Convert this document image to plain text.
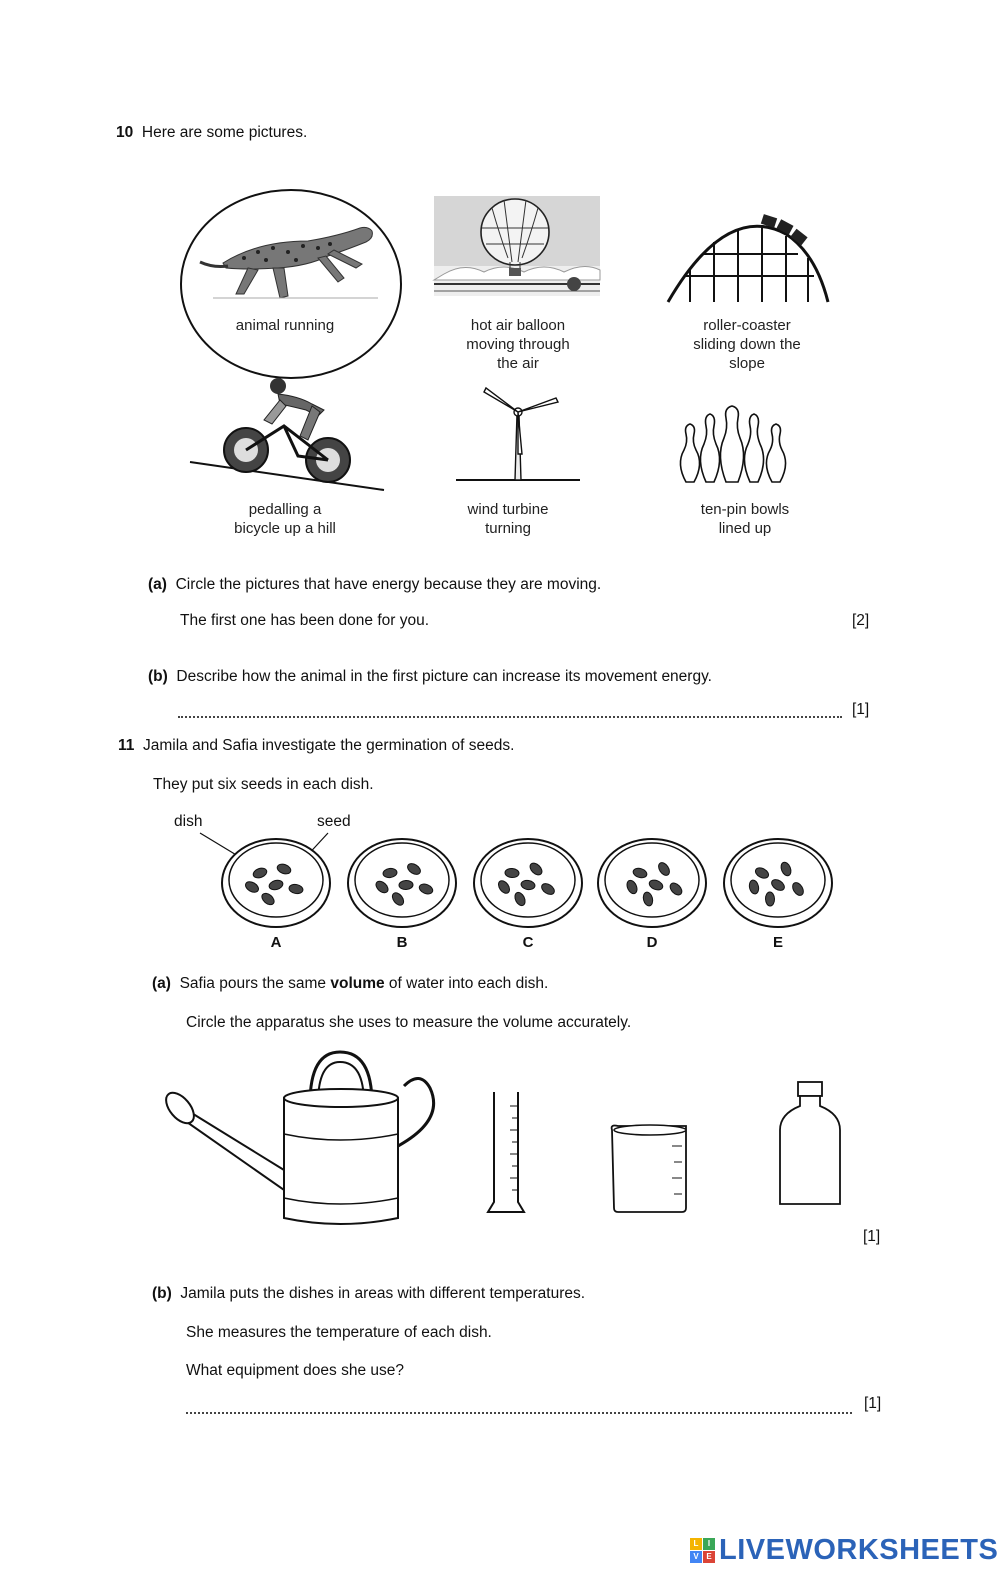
10 Here are some pictures.
animal running	hot air balloon
moving through
the air
roller-coaster
sliding down the
slope
pedalling a
bicycle up a hill
wind turbine
turning
ten-pin bowls
lined up
(a) Circle the pictures that have energy because they are moving.
The first one has been done for you.	[2]
(b) Describe how the animal in the first picture can increase its movement energy.
[1]
11 Jamila and Safia investigate the germination of seeds.
They put six seeds in each dish.
dish	seed
A	B	C	D	E
(a) Safia pours the same volume of water into each dish.
Circle the apparatus she uses to measure the volume accurately.
[1]
(b) Jamila puts the dishes in areas with different temperatures.
She measures the temperature of each dish.
What equipment does she use?
[1]
L	I
V E LIVEWORKSHEETS
